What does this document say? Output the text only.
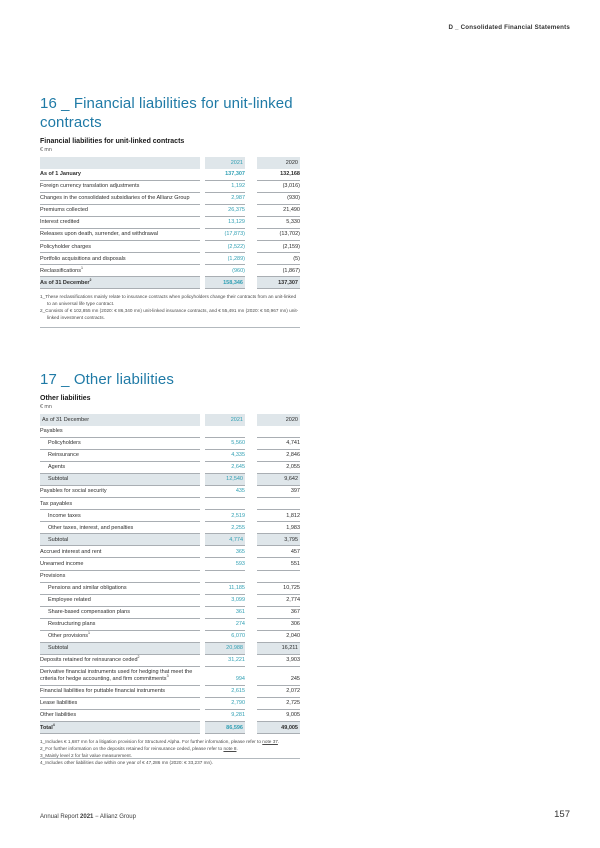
D _ Consolidated Financial Statements
16 _ Financial liabilities for unit-linked contracts
Financial liabilities for unit-linked contracts
€ mn

2021	2020
As of 1 January	137,307	132,168
Foreign currency translation adjustments	1,192	(3,016)
Changes in the consolidated subsidiaries of the Allianz Group	2,987	(930)
Premiums collected	26,375	21,490
Interest credited	13,129	5,330
Releases upon death, surrender, and withdrawal	(17,873)	(13,702)
Policyholder charges	(2,522)	(2,159)
Portfolio acquisitions and disposals	(1,289)	(5)
Reclassifications$^1$	(960)	(1,867)
As of 31 December$^2$	158,346	137,307
1_These reclassifications mainly relate to insurance contracts when policyholders change their contracts from an unit-linked to an universal life type contract.
2_Consists of € 102,855 mn (2020: € 86,340 mn) unit-linked insurance contracts, and € 55,491 mn (2020: € 50,967 mn) unit-linked investment contracts.
17 _ Other liabilities
Other liabilities
€ mn
As of 31 December	2021	2020
Payables
Policyholders	5,560	4,741
Reinsurance	4,335	2,846
Agents	2,645	2,055
Subtotal	12,540	9,642
Payables for social security	435	397
Tax payables
Income taxes	2,519	1,812
Other taxes, interest, and penalties	2,255	1,983
Subtotal	4,774	3,795
Accrued interest and rent	365	457
Unearned income	593	551
Provisions
Pensions and similar obligations	11,185	10,725
Employee related	3,099	2,774
Share-based compensation plans	361	367
Restructuring plans	274	306
Other provisions$^1$	6,070	2,040
Subtotal	20,988	16,211
Deposits retained for reinsurance ceded$^2$	31,221	3,903
Derivative financial instruments used for hedging that meet the criteria for hedge accounting, and firm commitments$^3$	994	245
Financial liabilities for puttable financial instruments	2,615	2,072
Lease liabilities	2,790	2,725
Other liabilities	9,281	9,005
Total$^4$	86,596	49,005
1_Includes € 1,687 mn for a litigation provision for Structured Alpha. For further information, please refer to note 37.
2_For further information on the deposits retained for reinsurance ceded, please refer to note 8.
3_Mainly level 2 for fair value measurement.
4_Includes other liabilities due within one year of € 47,286 mn (2020: € 33,237 mn).
Annual Report 2021 − Allianz Group	157
